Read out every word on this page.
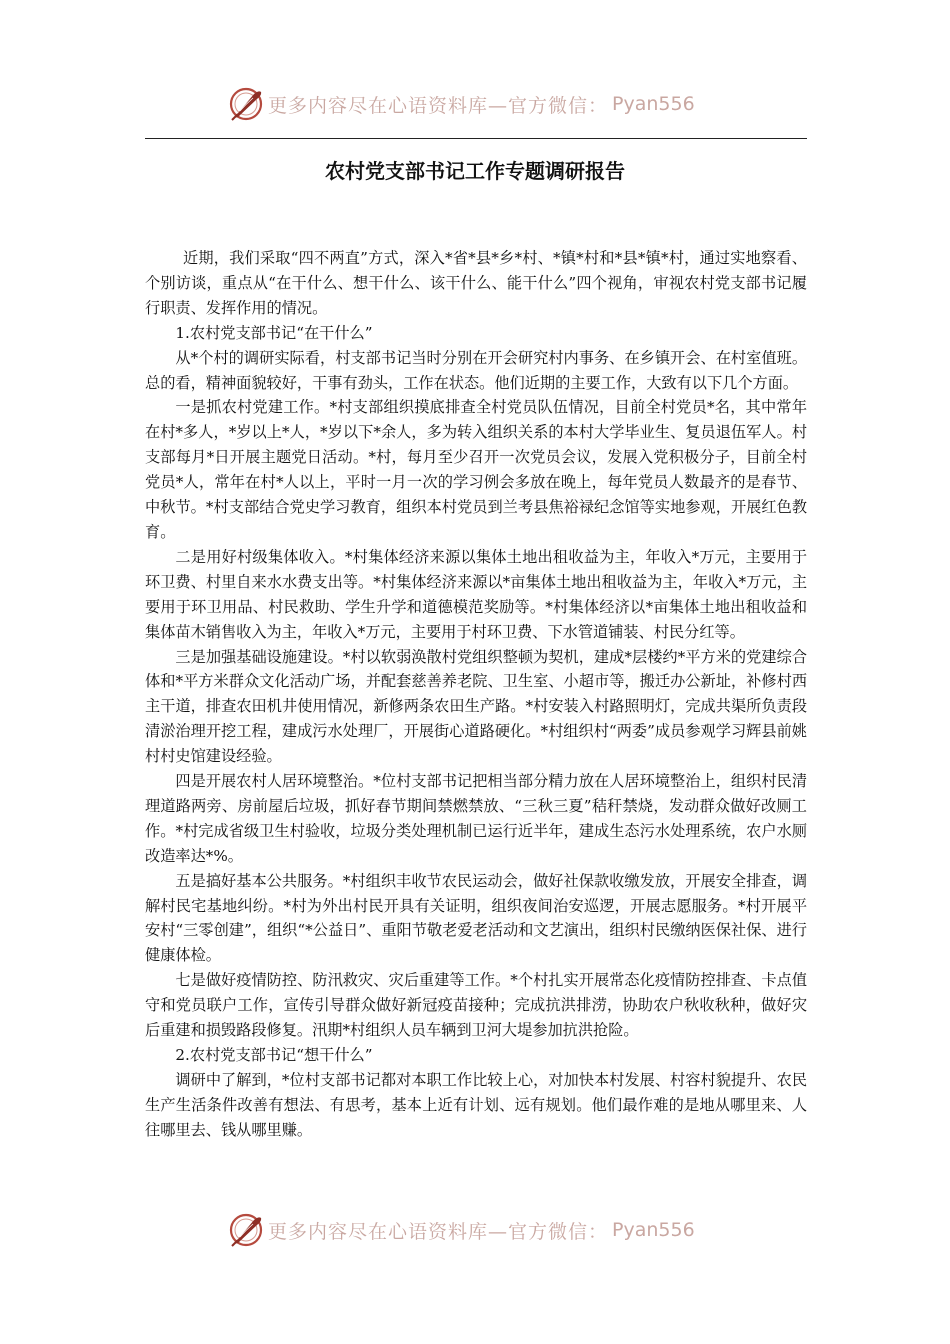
更多内容尽在心语资料库—官方微信： Pyan556
农村党支部书记工作专题调研报告

近期，我们采取“四不两直”方式，深入*省*县*乡*村、*镇*村和*县*镇*村，通过实地察看、个别访谈，重点从“在干什么、想干什么、该干什么、能干什么”四个视角，审视农村党支部书记履行职责、发挥作用的情况。

1.农村党支部书记“在干什么”

从*个村的调研实际看，村支部书记当时分别在开会研究村内事务、在乡镇开会、在村室值班。总的看，精神面貌较好，干事有劲头，工作在状态。他们近期的主要工作，大致有以下几个方面。

一是抓农村党建工作。*村支部组织摸底排查全村党员队伍情况，目前全村党员*名，其中常年在村*多人，*岁以上*人，*岁以下*余人，多为转入组织关系的本村大学毕业生、复员退伍军人。村支部每月*日开展主题党日活动。*村，每月至少召开一次党员会议，发展入党积极分子，目前全村党员*人，常年在村*人以上，平时一月一次的学习例会多放在晚上，每年党员人数最齐的是春节、中秋节。*村支部结合党史学习教育，组织本村党员到兰考县焦裕禄纪念馆等实地参观，开展红色教育。

二是用好村级集体收入。*村集体经济来源以集体土地出租收益为主，年收入*万元，主要用于环卫费、村里自来水水费支出等。*村集体经济来源以*亩集体土地出租收益为主，年收入*万元，主要用于环卫用品、村民救助、学生升学和道德模范奖励等。*村集体经济以*亩集体土地出租收益和集体苗木销售收入为主，年收入*万元，主要用于村环卫费、下水管道铺装、村民分红等。

三是加强基础设施建设。*村以软弱涣散村党组织整顿为契机，建成*层楼约*平方米的党建综合体和*平方米群众文化活动广场，并配套慈善养老院、卫生室、小超市等，搬迁办公新址，补修村西主干道，排查农田机井使用情况，新修两条农田生产路。*村安装入村路照明灯，完成共渠所负责段清淤治理开挖工程，建成污水处理厂，开展街心道路硬化。*村组织村“两委”成员参观学习辉县前姚村村史馆建设经验。

四是开展农村人居环境整治。*位村支部书记把相当部分精力放在人居环境整治上，组织村民清理道路两旁、房前屋后垃圾，抓好春节期间禁燃禁放、“三秋三夏”秸秆禁烧，发动群众做好改厕工作。*村完成省级卫生村验收，垃圾分类处理机制已运行近半年，建成生态污水处理系统，农户水厕改造率达*%。

五是搞好基本公共服务。*村组织丰收节农民运动会，做好社保款收缴发放，开展安全排查，调解村民宅基地纠纷。*村为外出村民开具有关证明，组织夜间治安巡逻，开展志愿服务。*村开展平安村“三零创建”，组织“*公益日”、重阳节敬老爱老活动和文艺演出，组织村民缴纳医保社保、进行健康体检。

七是做好疫情防控、防汛救灾、灾后重建等工作。*个村扎实开展常态化疫情防控排查、卡点值守和党员联户工作，宣传引导群众做好新冠疫苗接种；完成抗洪排涝，协助农户秋收秋种，做好灾后重建和损毁路段修复。汛期*村组织人员车辆到卫河大堤参加抗洪抢险。

2.农村党支部书记“想干什么”

调研中了解到，*位村支部书记都对本职工作比较上心，对加快本村发展、村容村貌提升、农民生产生活条件改善有想法、有思考，基本上近有计划、远有规划。他们最作难的是地从哪里来、人往哪里去、钱从哪里赚。

更多内容尽在心语资料库—官方微信： Pyan556
